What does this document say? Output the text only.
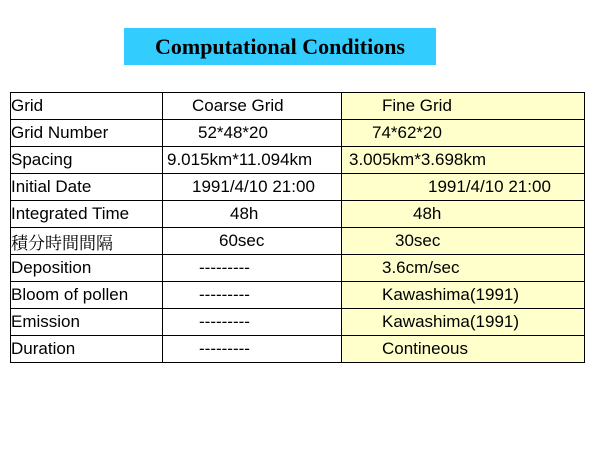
Computational Conditions
Grid	Coarse Grid	Fine Grid
Grid Number	52*48*20	74*62*20
Spacing	9.015km*11.094km	3.005km*3.698km
Initial Date	1991/4/10 21:00	1991/4/10 21:00
Integrated Time	48h	48h
積分時間間隔	60sec	30sec
Deposition	---------	3.6cm/sec
Bloom of pollen	---------	Kawashima(1991)
Emission	---------	Kawashima(1991)
Duration	---------	Contineous
